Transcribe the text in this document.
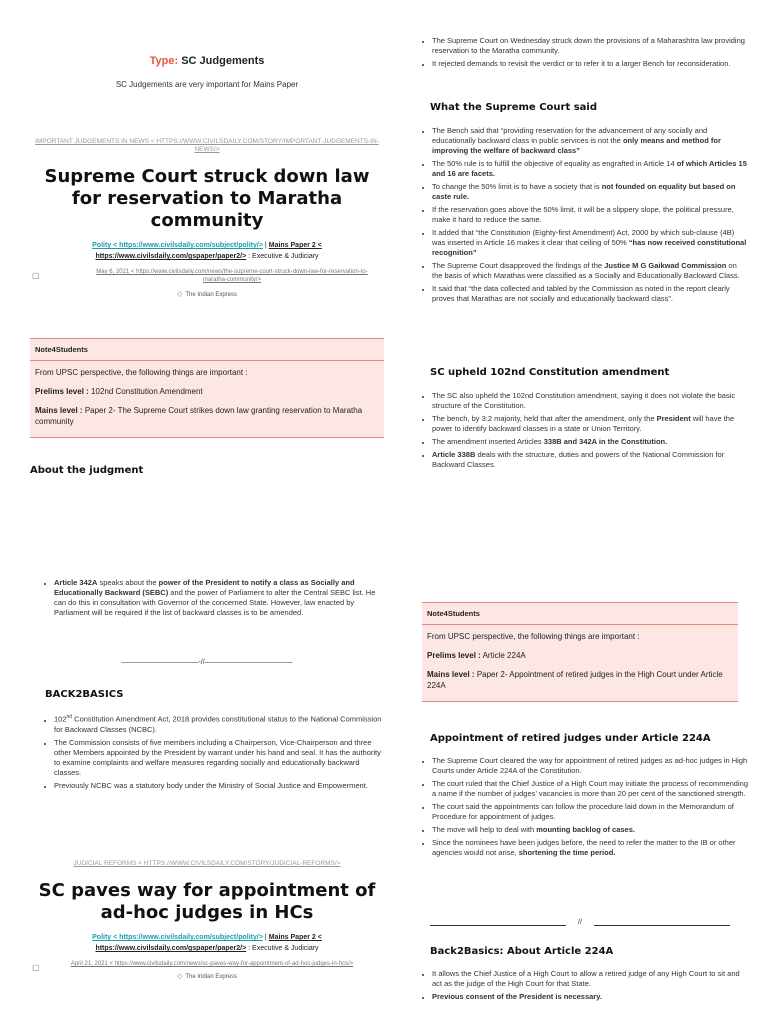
Type: SC Judgements
SC Judgements are very important for Mains Paper
IMPORTANT JUDGEMENTS IN NEWS < HTTPS://WWW.CIVILSDAILY.COM/STORY/IMPORTANT-JUDGEMENTS-IN-NEWS/>
Supreme Court struck down law for reservation to Maratha community
Polity < https://www.civilsdaily.com/subject/polity/> | Mains Paper 2 <
https://www.civilsdaily.com/gspaper/paper2/> : Executive & Judiciary
▢	May 6, 2021 < https://www.civilsdaily.com/news/the-supreme-court-struck-down-law-for-reservation-to-maratha-community/>
◇ The Indian Express
Note4Students

From UPSC perspective, the following things are important :

Prelims level : 102nd Constitution Amendment

Mains level : Paper 2- The Supreme Court strikes down law granting reservation to Maratha community

About the judgment
• Article 342A speaks about the power of the President to notify a class as Socially and Educationally Backward (SEBC) and the power of Parliament to alter the Central SEBC list. He can do this in consultation with Governor of the concerned State. However, law enacted by Parliament will be required if the list of backward classes is to be amended.
———————————-//————————————–
BACK2BASICS
• 102nd Constitution Amendment Act, 2018 provides constitutional status to the National Commission for Backward Classes (NCBC).
• The Commission consists of five members including a Chairperson, Vice-Chairperson and three other Members appointed by the President by warrant under his hand and seal. It has the authority to examine complaints and welfare measures regarding socially and educationally backward classes.
• Previously NCBC was a statutory body under the Ministry of Social Justice and Empowerment.
JUDICIAL REFORMS < HTTPS://WWW.CIVILSDAILY.COM/STORY/JUDICIAL-REFORMS/>
SC paves way for appointment of ad-hoc judges in HCs
Polity < https://www.civilsdaily.com/subject/polity/> | Mains Paper 2 <
https://www.civilsdaily.com/gspaper/paper2/> : Executive & Judiciary
▢	April 21, 2021 < https://www.civilsdaily.com/news/sc-paves-way-for-appointment-of-ad-hoc-judges-in-hcs/>
◇ The Indian Express
• The Supreme Court on Wednesday struck down the provisions of a Maharashtra law providing reservation to the Maratha community.
• It rejected demands to revisit the verdict or to refer it to a larger Bench for reconsideration.
What the Supreme Court said
• The Bench said that “providing reservation for the advancement of any socially and educationally backward class in public services is not the only means and method for improving the welfare of backward class”
• The 50% rule is to fulfill the objective of equality as engrafted in Article 14 of which Articles 15 and 16 are facets.
• To change the 50% limit is to have a society that is not founded on equality but based on caste rule.
• If the reservation goes above the 50% limit, it will be a slippery slope, the political pressure, make it hard to reduce the same.
• It added that “the Constitution (Eighty-first Amendment) Act, 2000 by which sub-clause (4B) was inserted in Article 16 makes it clear that ceiling of 50% “has now received constitutional recognition”
• The Supreme Court disapproved the findings of the Justice M G Gaikwad Commission on the basis of which Marathas were classified as a Socially and Educationally Backward Class.
• It said that “the data collected and tabled by the Commission as noted in the report clearly proves that Marathas are not socially and educationally backward class”.
SC upheld 102nd Constitution amendment
• The SC also upheld the 102nd Constitution amendment, saying it does not violate the basic structure of the Constitution.
• The bench, by 3:2 majority, held that after the amendment, only the President will have the power to identify backward classes in a state or Union Territory.
• The amendment inserted Articles 338B and 342A in the Constitution.
• Article 338B deals with the structure, duties and powers of the National Commission for Backward Classes.
Note4Students

From UPSC perspective, the following things are important :

Prelims level : Article 224A

Mains level : Paper 2- Appointment of retired judges in the High Court under Article 224A

Appointment of retired judges under Article 224A
• The Supreme Court cleared the way for appointment of retired judges as ad-hoc judges in High Courts under Article 224A of the Constitution.
• The court ruled that the Chief Justice of a High Court may initiate the process of recommending a name if the number of judges’ vacancies is more than 20 per cent of the sanctioned strength.
• The court said the appointments can follow the procedure laid down in the Memorandum of Procedure for appointment of judges.
• The move will help to deal with mounting backlog of cases.
• Since the nominees have been judges before, the need to refer the matter to the IB or other agencies would not arise, shortening the time period.
//
Back2Basics: About Article 224A
• It allows the Chief Justice of a High Court to allow a retired judge of any High Court to sit and act as the judge of the High Court for that State.
• Previous consent of the President is necessary.
